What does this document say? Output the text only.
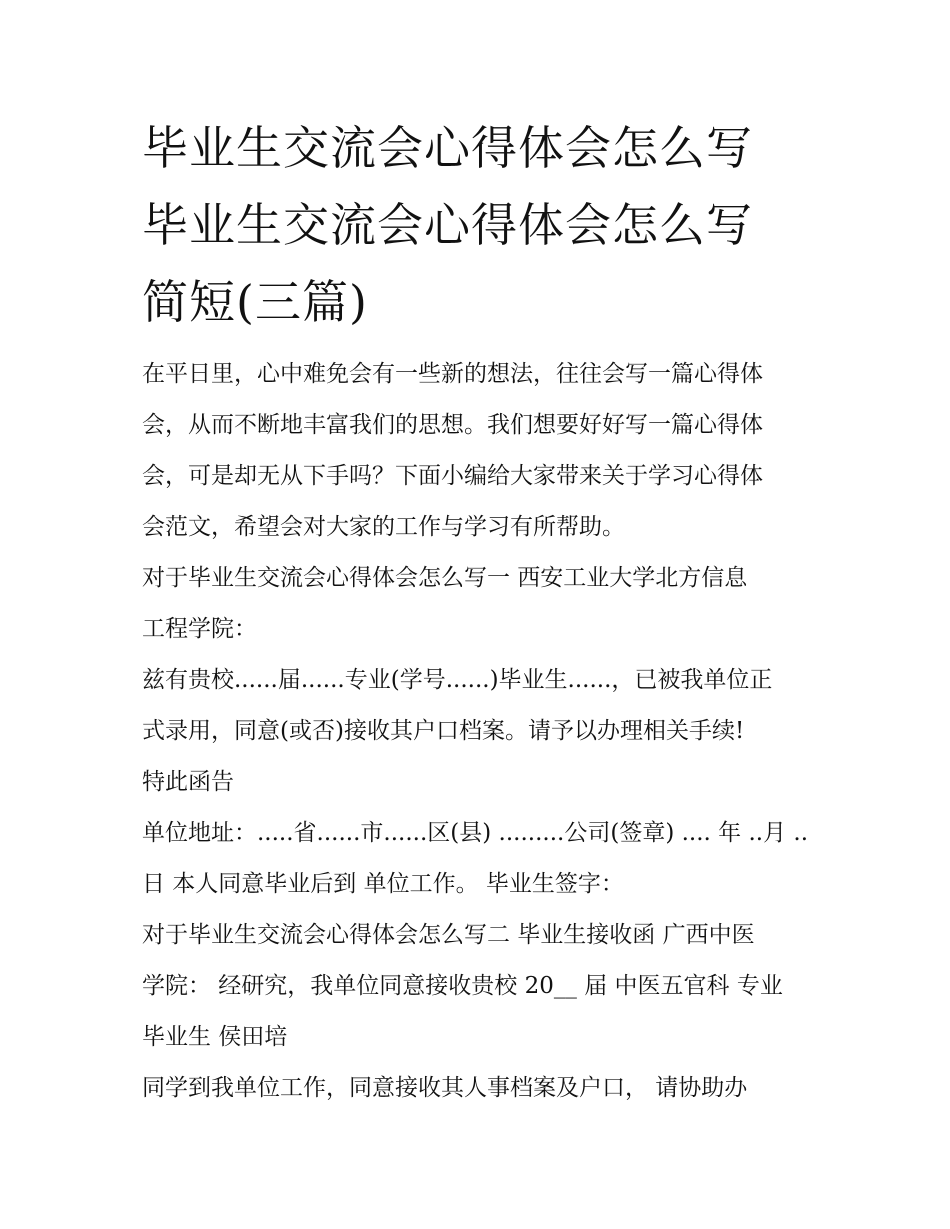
毕业生交流会心得体会怎么写
毕业生交流会心得体会怎么写
简短(三篇)
在平日里，心中难免会有一些新的想法，往往会写一篇心得体
会，从而不断地丰富我们的思想。我们想要好好写一篇心得体
会，可是却无从下手吗？下面小编给大家带来关于学习心得体
会范文，希望会对大家的工作与学习有所帮助。
对于毕业生交流会心得体会怎么写一 西安工业大学北方信息
工程学院：
兹有贵校......届......专业(学号......)毕业生......，已被我单位正
式录用，同意(或否)接收其户口档案。请予以办理相关手续!
特此函告
单位地址：.....省......市......区(县) .........公司(签章) .... 年 ..月 ..
日 本人同意毕业后到 单位工作。 毕业生签字：
对于毕业生交流会心得体会怎么写二 毕业生接收函 广西中医
学院： 经研究，我单位同意接收贵校 20__ 届 中医五官科 专业
毕业生 侯田培
同学到我单位工作，同意接收其人事档案及户口， 请协助办
